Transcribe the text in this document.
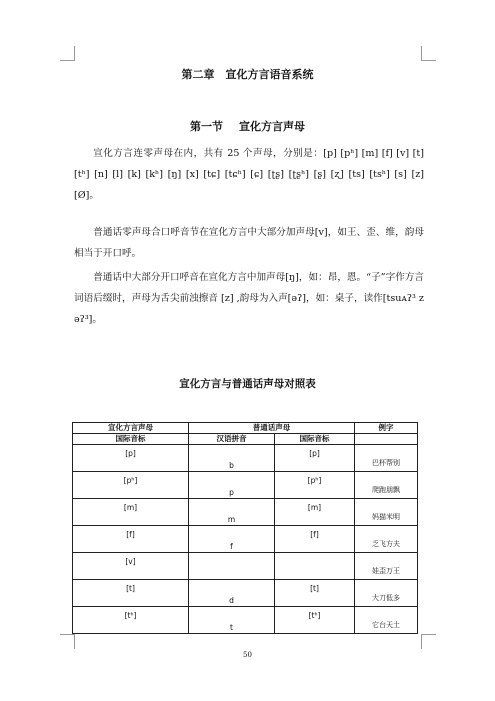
第二章　宣化方言语音系统
第一节 宣化方言声母
宣化方言连零声母在内，共有 25 个声母，分别是：[p] [pʰ] [m] [f] [v] [t] [tʰ] [n] [l] [k] [kʰ] [ŋ] [x] [tɕ] [tɕʰ] [ɕ] [ʈʂ] [ʈʂʰ] [ʂ] [ʐ] [ts] [tsʰ] [s] [z] [Ø]。
普通话零声母合口呼音节在宣化方言中大部分加声母[v]，如王、歪、维，韵母相当于开口呼。
普通话中大部分开口呼音在宣化方言中加声母[ŋ]，如：昂，恩。“子”字作方言词语后缀时，声母为舌尖前浊擦音 [z] ,韵母为入声[əʔ]，如：桌子，读作[tsuᴀʔ³ z əʔ³]。
宣化方言与普通话声母对照表
宣化方言声母	普通话声母		例字
国际音标	汉语拼音	国际音标	

[p]	b	[p]	巴杯帮别

[pʰ]	p	[pʰ]	爬跑朋飘

[m]	m	[m]	妈猫米明

[f]	f	[f]	乏飞方夫

[v]			娃歪万王

[t]	d	[t]	大刀低多

[tʰ]	t	[tʰ]	它台天土
50
